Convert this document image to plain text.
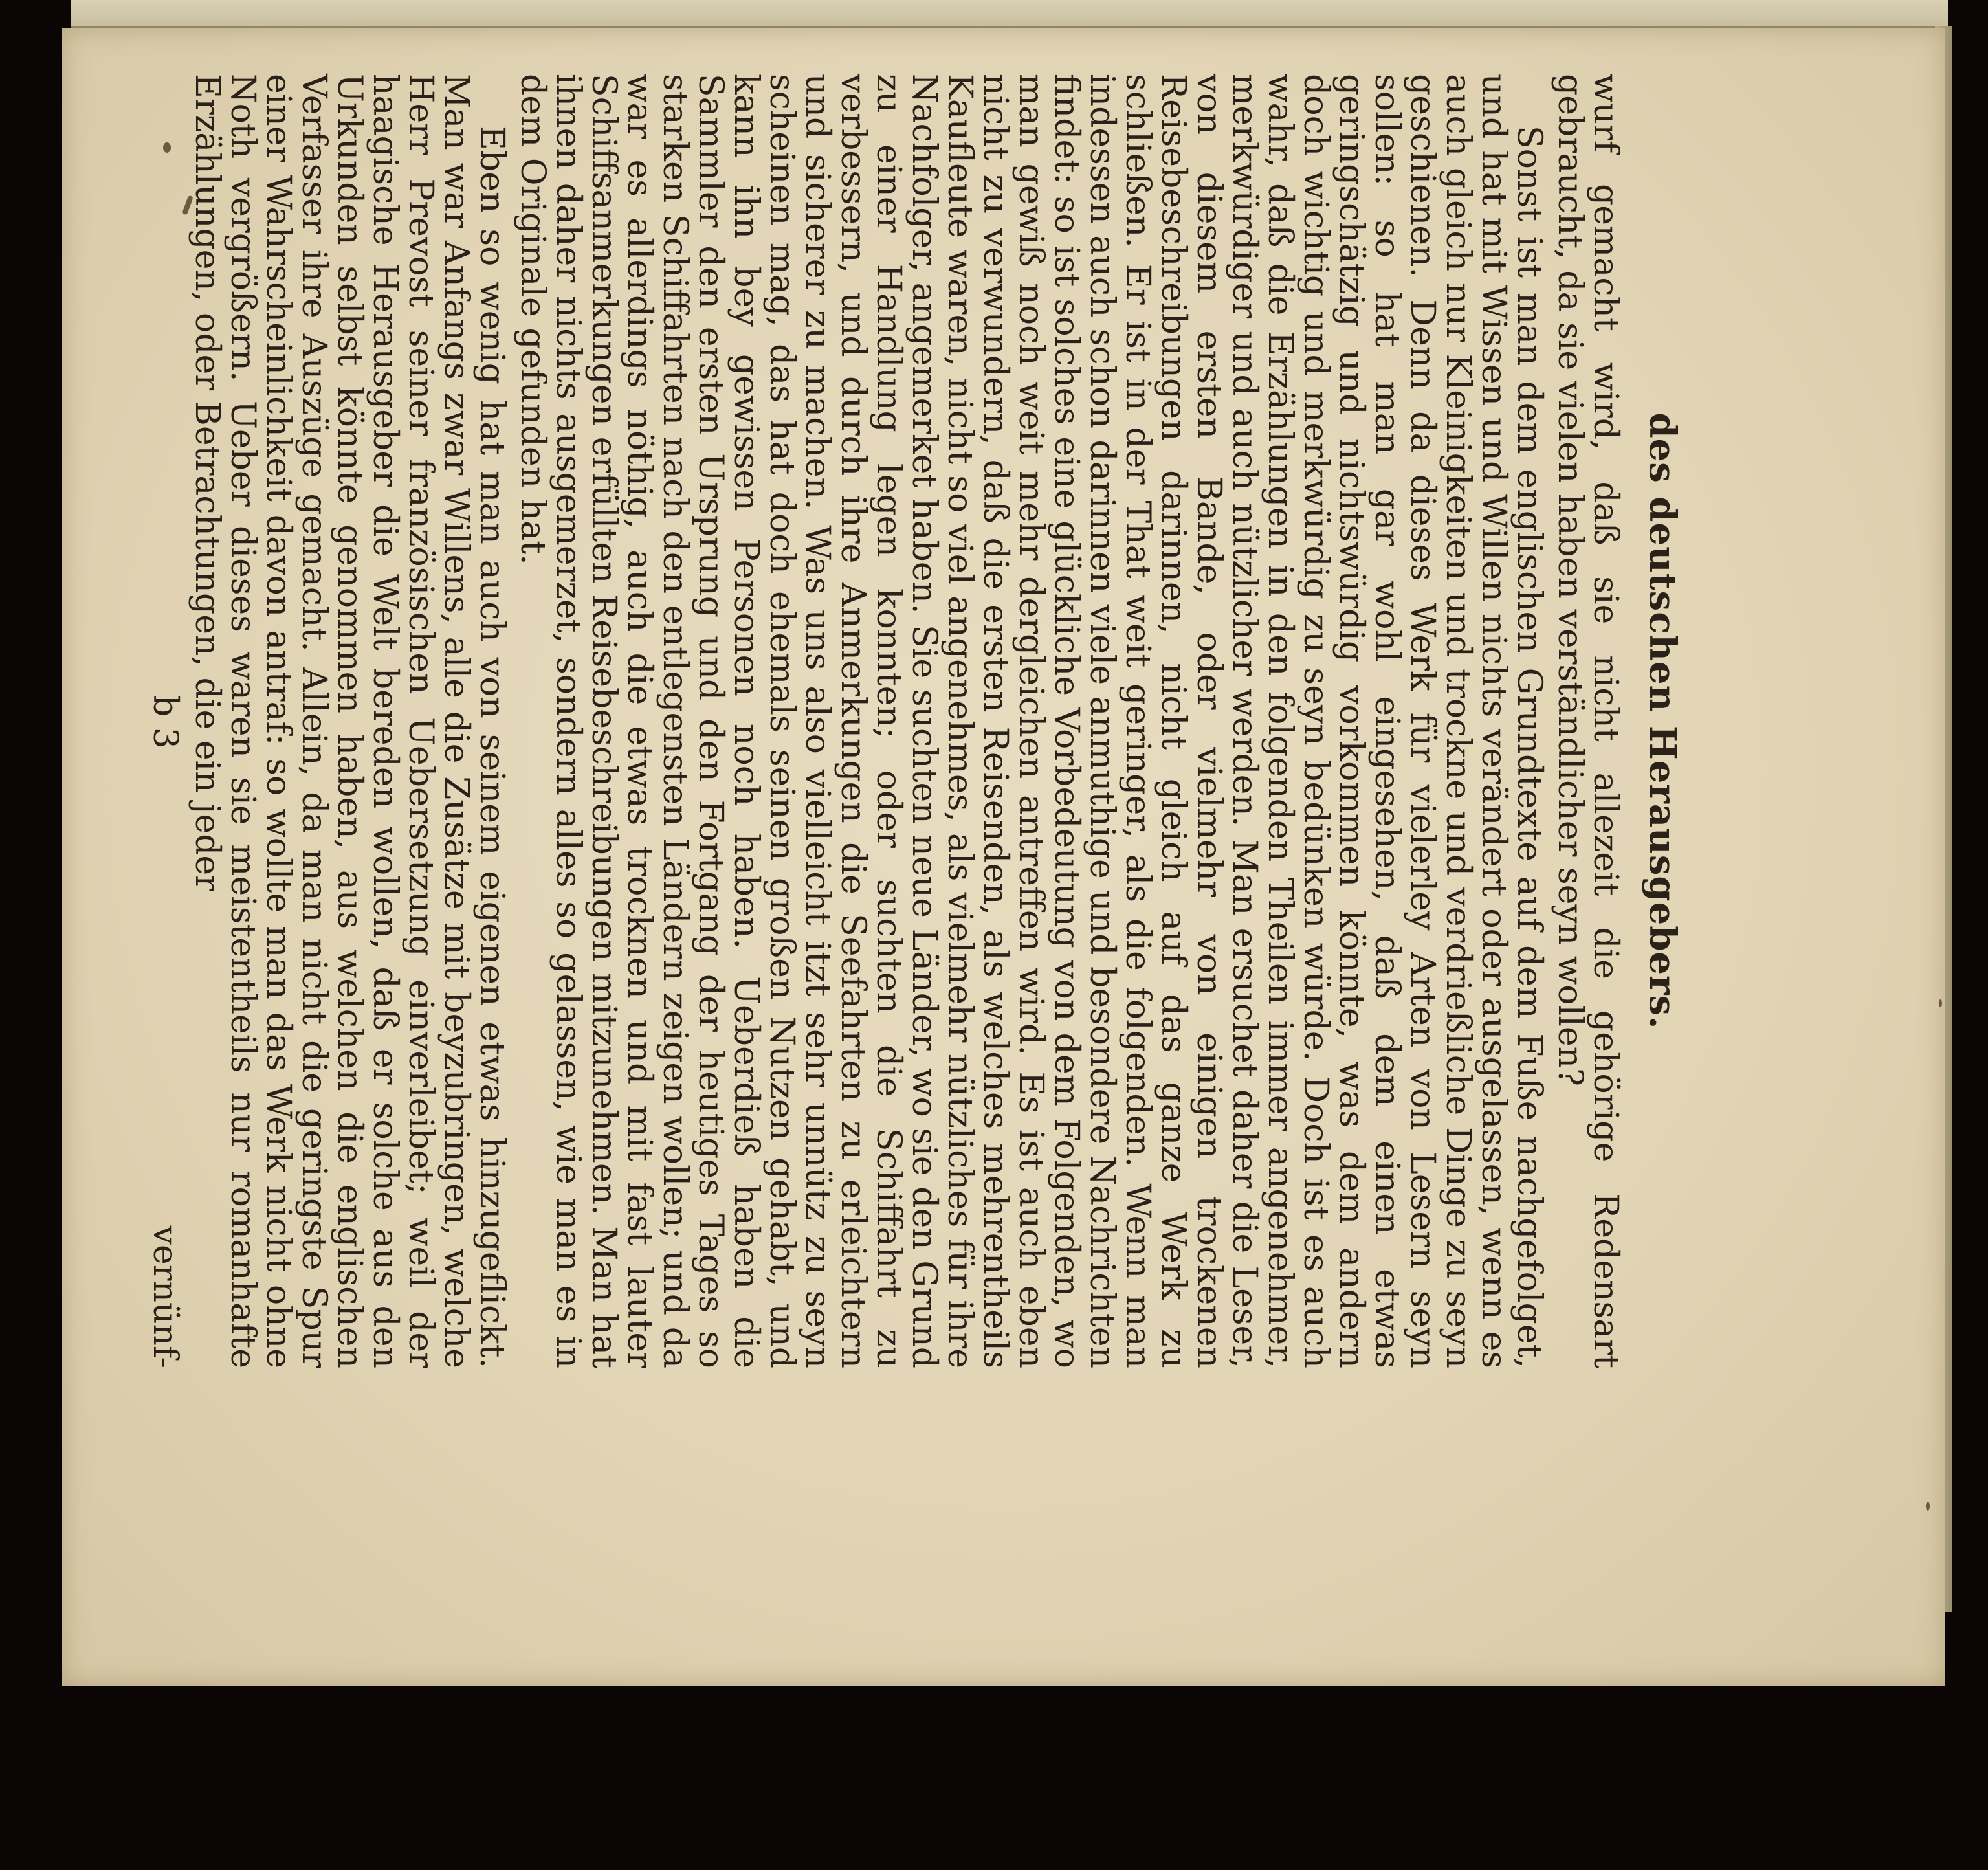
des deutschen Herausgebers.

wurf gemacht wird, daß sie nicht allezeit die gehörige Redensart gebraucht, da sie vielen haben verständlicher seyn wollen?

Sonst ist man dem englischen Grundtexte auf dem Fuße nachgefolget, und hat mit Wissen und Willen nichts verändert oder ausgelassen, wenn es auch gleich nur Kleinigkeiten und trockne und verdrießliche Dinge zu seyn geschienen. Denn da dieses Werk für vielerley Arten von Lesern seyn sollen: so hat man gar wohl eingesehen, daß dem einen etwas geringschätzig und nichtswürdig vorkommen könnte, was dem andern doch wichtig und merkwürdig zu seyn bedünken würde. Doch ist es auch wahr, daß die Erzählungen in den folgenden Theilen immer angenehmer, merkwürdiger und auch nützlicher werden. Man ersuchet daher die Leser, von diesem ersten Bande, oder vielmehr von einigen trockenen Reisebeschreibungen darinnen, nicht gleich auf das ganze Werk zu schließen. Er ist in der That weit geringer, als die folgenden. Wenn man indessen auch schon darinnen viele anmuthige und besondere Nachrichten findet: so ist solches eine glückliche Vorbedeutung von dem Folgenden, wo man gewiß noch weit mehr dergleichen antreffen wird. Es ist auch eben nicht zu verwundern, daß die ersten Reisenden, als welches mehrentheils Kaufleute waren, nicht so viel angenehmes, als vielmehr nützliches für ihre Nachfolger, angemerket haben. Sie suchten neue Länder, wo sie den Grund zu einer Handlung legen konnten; oder suchten die Schiffahrt zu verbessern, und durch ihre Anmerkungen die Seefahrten zu erleichtern und sicherer zu machen. Was uns also vielleicht itzt sehr unnütz zu seyn scheinen mag, das hat doch ehemals seinen großen Nutzen gehabt, und kann ihn bey gewissen Personen noch haben. Ueberdieß haben die Sammler den ersten Ursprung und den Fortgang der heutiges Tages so starken Schiffahrten nach den entlegensten Ländern zeigen wollen; und da war es allerdings nöthig, auch die etwas trocknen und mit fast lauter Schiffsanmerkungen erfüllten Reisebeschreibungen mitzunehmen. Man hat ihnen daher nichts ausgemerzet, sondern alles so gelassen, wie man es in dem Originale gefunden hat.

Eben so wenig hat man auch von seinem eigenen etwas hinzugeflickt. Man war Anfangs zwar Willens, alle die Zusätze mit beyzubringen, welche Herr Prevost seiner französischen Uebersetzung einverleibet; weil der haagische Herausgeber die Welt bereden wollen, daß er solche aus den Urkunden selbst könnte genommen haben, aus welchen die englischen Verfasser ihre Auszüge gemacht. Allein, da man nicht die geringste Spur einer Wahrscheinlichkeit davon antraf: so wollte man das Werk nicht ohne Noth vergrößern. Ueber dieses waren sie meistentheils nur romanhafte Erzählungen, oder Betrachtungen, die ein jeder

b 3
vernünf-
